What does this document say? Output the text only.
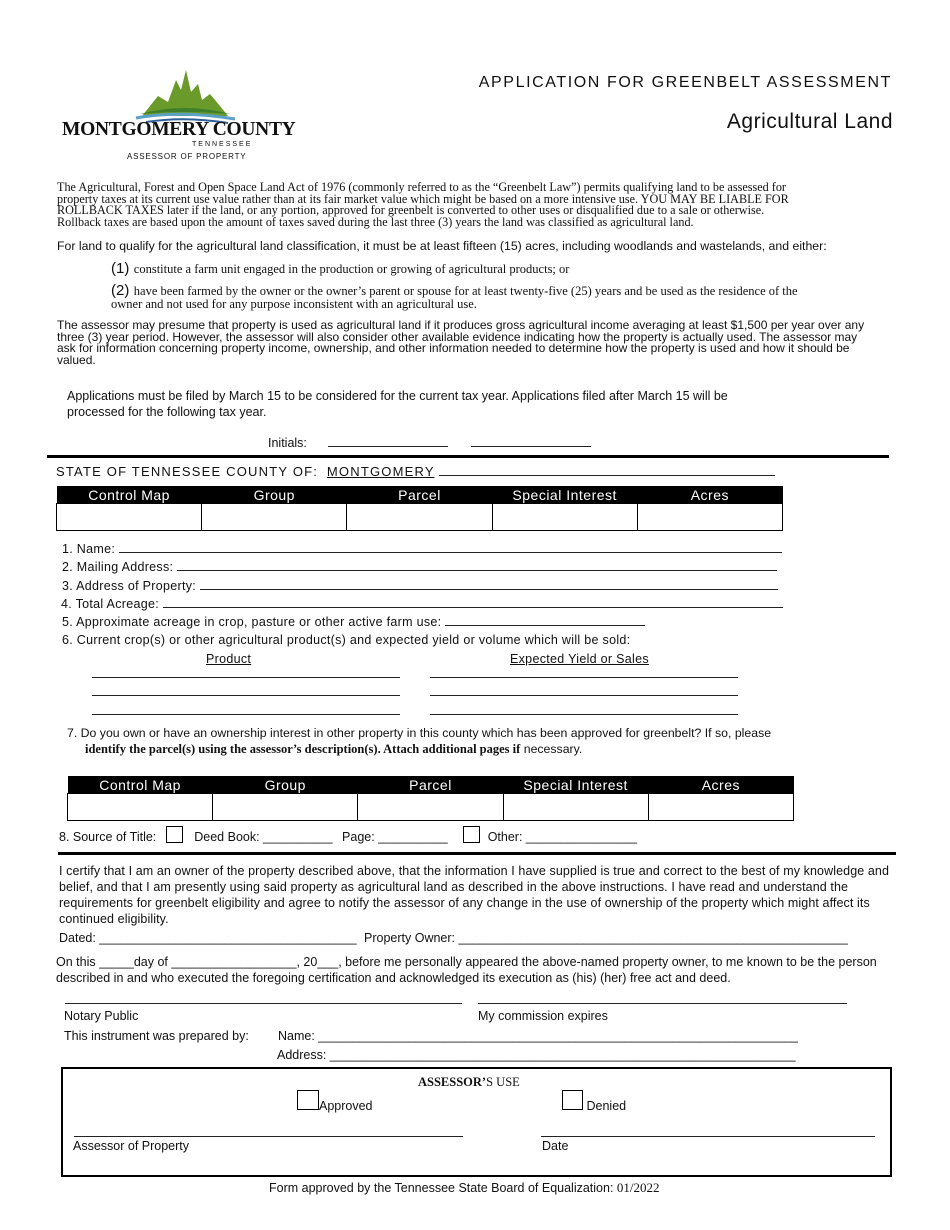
MONTGOMERY COUNTY
TENNESSEE
ASSESSOR OF PROPERTY
APPLICATION FOR GREENBELT ASSESSMENT
Agricultural Land
The Agricultural, Forest and Open Space Land Act of 1976 (commonly referred to as the “Greenbelt Law”) permits qualifying land to be assessed for
property taxes at its current use value rather than at its fair market value which might be based on a more intensive use. YOU MAY BE LIABLE FOR
ROLLBACK TAXES later if the land, or any portion, approved for greenbelt is converted to other uses or disqualified due to a sale or otherwise.
Rollback taxes are based upon the amount of taxes saved during the last three (3) years the land was classified as agricultural land.
For land to qualify for the agricultural land classification, it must be at least fifteen (15) acres, including woodlands and wastelands, and either:
(1) constitute a farm unit engaged in the production or growing of agricultural products; or
(2) have been farmed by the owner or the owner’s parent or spouse for at least twenty-five (25) years and be used as the residence of the
owner and not used for any purpose inconsistent with an agricultural use.
The assessor may presume that property is used as agricultural land if it produces gross agricultural income averaging at least $1,500 per year over any
three (3) year period. However, the assessor will also consider other available evidence indicating how the property is actually used. The assessor may
ask for information concerning property income, ownership, and other information needed to determine how the property is used and how it should be
valued.
Applications must be filed by March 15 to be considered for the current tax year. Applications filed after March 15 will be
processed for the following tax year.
Initials:
STATE OF TENNESSEE COUNTY OF: MONTGOMERY
Control Map	Group	Parcel	Special Interest	Acres

1. Name:
2. Mailing Address:
3. Address of Property:
4. Total Acreage:
5. Approximate acreage in crop, pasture or other active farm use:
6. Current crop(s) or other agricultural product(s) and expected yield or volume which will be sold:
Product	Expected Yield or Sales
7. Do you own or have an ownership interest in other property in this county which has been approved for greenbelt? If so, please
identify the parcel(s) using the assessor’s description(s). Attach additional pages if necessary.
Control Map	Group	Parcel	Special Interest	Acres

8. Source of Title:	Deed Book: __________ Page: __________	Other: ________________
I certify that I am an owner of the property described above, that the information I have supplied is true and correct to the best of my knowledge and
belief, and that I am presently using said property as agricultural land as described in the above instructions. I have read and understand the
requirements for greenbelt eligibility and agree to notify the assessor of any change in the use of ownership of the property which might affect its
continued eligibility.
Dated: _____________________________________ Property Owner: ________________________________________________________
On this _____day of __________________, 20___, before me personally appeared the above-named property owner, to me known to be the person
described in and who executed the foregoing certification and acknowledged its execution as (his) (her) free act and deed.
Notary Public	My commission expires
This instrument was prepared by: Name: _____________________________________________________________________
Address: ___________________________________________________________________
ASSESSOR’S USE
Approved	Denied
Assessor of Property	Date
Form approved by the Tennessee State Board of Equalization: 01/2022
